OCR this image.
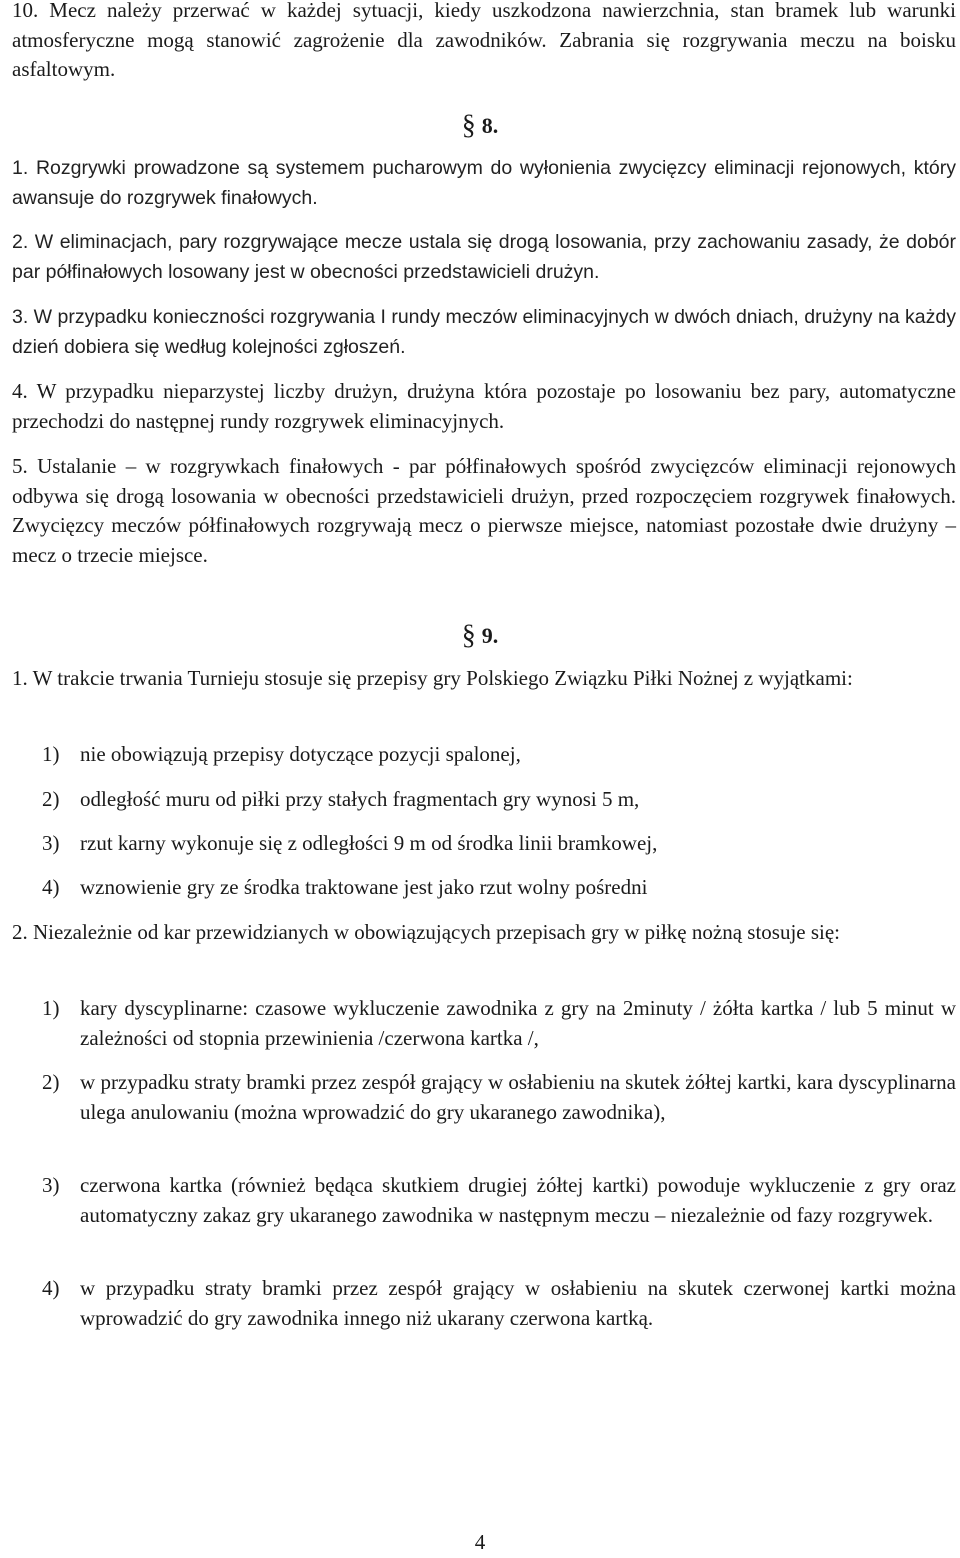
10. Mecz należy przerwać w każdej sytuacji, kiedy uszkodzona nawierzchnia, stan bramek lub warunki atmosferyczne mogą stanowić zagrożenie dla zawodników. Zabrania się rozgrywania meczu na boisku asfaltowym.

§ 8.

1. Rozgrywki prowadzone są systemem pucharowym do wyłonienia zwycięzcy eliminacji rejonowych, który awansuje do rozgrywek finałowych.

2. W eliminacjach, pary rozgrywające mecze ustala się drogą losowania, przy zachowaniu zasady, że dobór par półfinałowych losowany jest w obecności przedstawicieli drużyn.

3. W przypadku konieczności rozgrywania I rundy meczów eliminacyjnych w dwóch dniach, drużyny na każdy dzień dobiera się według kolejności zgłoszeń.

4. W przypadku nieparzystej liczby drużyn, drużyna która pozostaje po losowaniu bez pary, automatyczne przechodzi do następnej rundy rozgrywek eliminacyjnych.

5. Ustalanie – w rozgrywkach finałowych - par półfinałowych spośród zwycięzców eliminacji rejonowych odbywa się drogą losowania w obecności przedstawicieli drużyn, przed rozpoczęciem rozgrywek finałowych. Zwycięzcy meczów półfinałowych rozgrywają mecz o pierwsze miejsce, natomiast pozostałe dwie drużyny – mecz o trzecie miejsce.

§ 9.

1. W trakcie trwania Turnieju stosuje się przepisy gry Polskiego Związku Piłki Nożnej z wyjątkami:

1) nie obowiązują przepisy dotyczące pozycji spalonej,

2) odległość muru od piłki przy stałych fragmentach gry wynosi 5 m,

3) rzut karny wykonuje się z odległości 9 m od środka linii bramkowej,

4) wznowienie gry ze środka traktowane jest jako rzut wolny pośredni

2. Niezależnie od kar przewidzianych w obowiązujących przepisach gry w piłkę nożną stosuje się:

1) kary dyscyplinarne: czasowe wykluczenie zawodnika z gry na 2minuty / żółta kartka / lub 5 minut w zależności od stopnia przewinienia /czerwona kartka /,

2) w przypadku straty bramki przez zespół grający w osłabieniu na skutek żółtej kartki, kara dyscyplinarna ulega anulowaniu (można wprowadzić do gry ukaranego zawodnika),

3) czerwona kartka (również będąca skutkiem drugiej żółtej kartki) powoduje wykluczenie z gry oraz automatyczny zakaz gry ukaranego zawodnika w następnym meczu – niezależnie od fazy rozgrywek.

4) w przypadku straty bramki przez zespół grający w osłabieniu na skutek czerwonej kartki można wprowadzić do gry zawodnika innego niż ukarany czerwona kartką.

4
